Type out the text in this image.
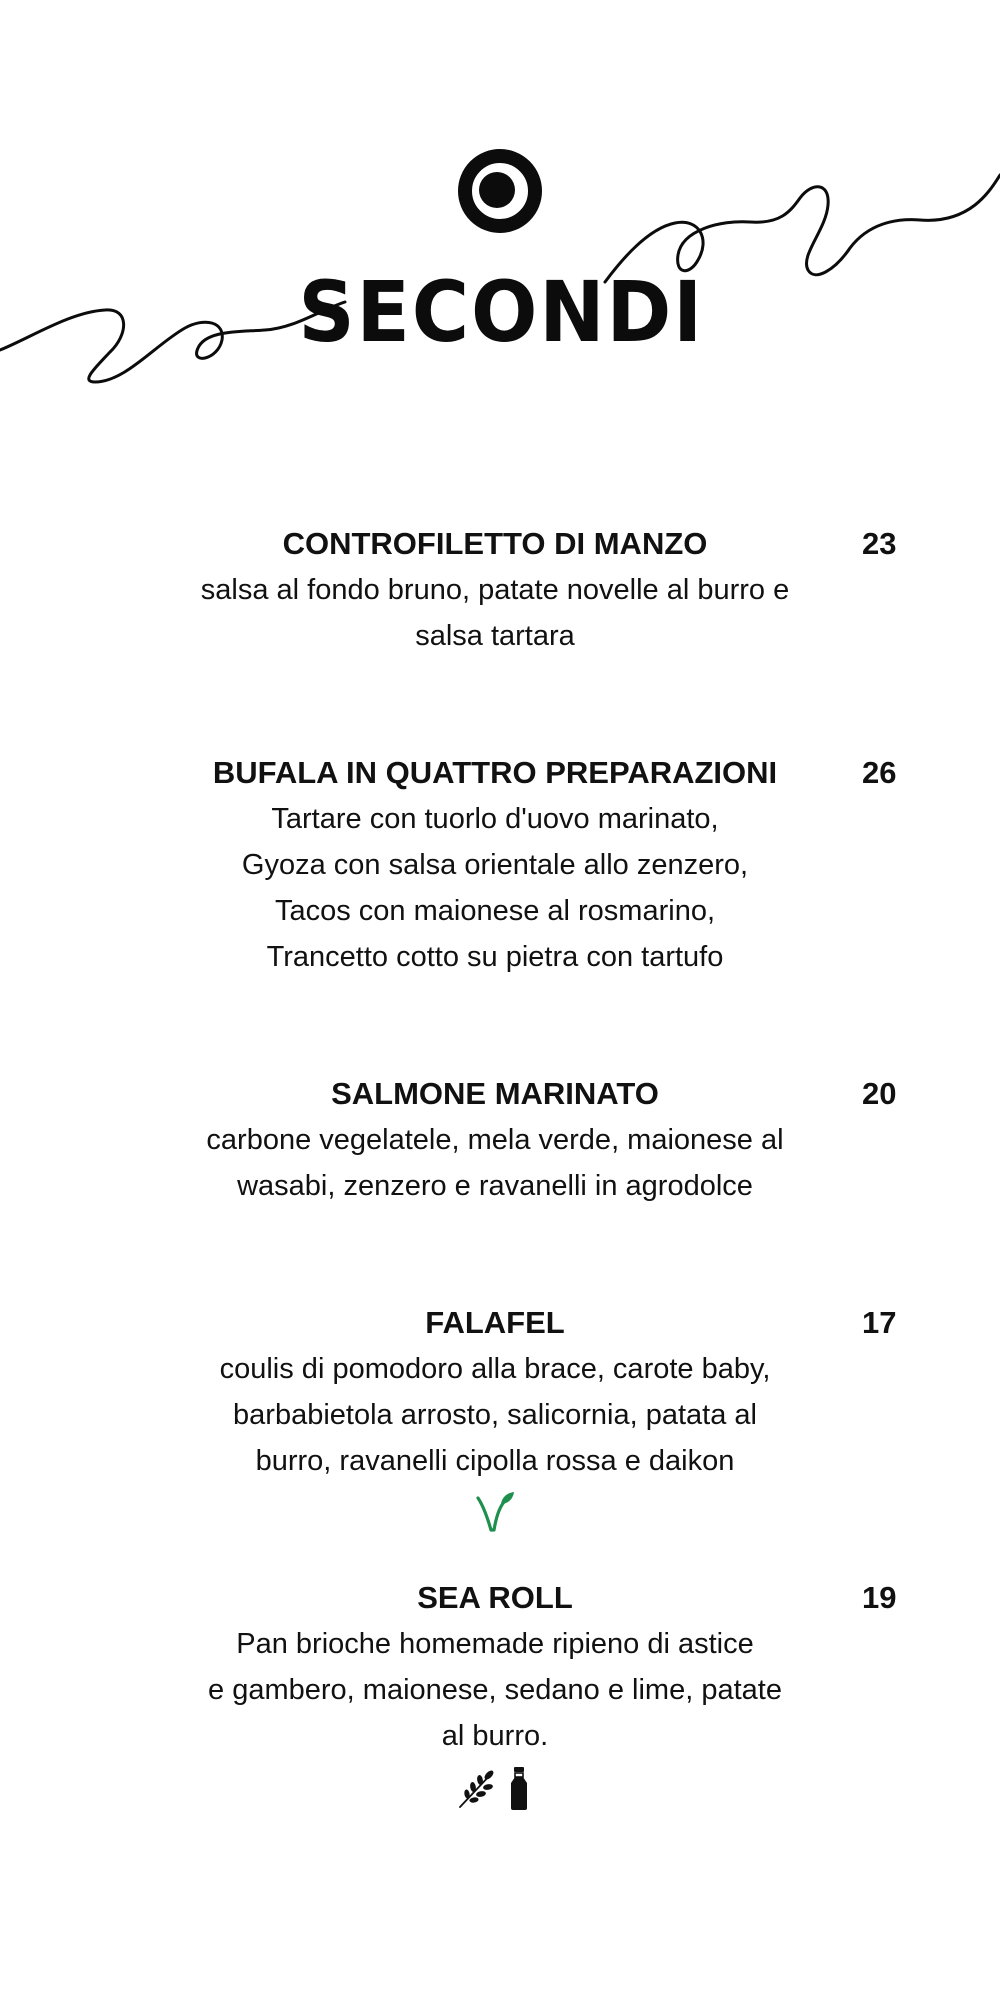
SECONDI
CONTROFILETTO DI MANZO	23
salsa al fondo bruno, patate novelle al burro e
salsa tartara
BUFALA IN QUATTRO PREPARAZIONI	26
Tartare con tuorlo d'uovo marinato,
Gyoza con salsa orientale allo zenzero,
Tacos con maionese al rosmarino,
Trancetto cotto su pietra con tartufo
SALMONE MARINATO	20
carbone vegelatele, mela verde, maionese al
wasabi, zenzero e ravanelli in agrodolce
FALAFEL	17
coulis di pomodoro alla brace, carote baby,
barbabietola arrosto, salicornia, patata al
burro, ravanelli cipolla rossa e daikon
SEA ROLL	19
Pan brioche homemade ripieno di astice
e gambero, maionese, sedano e lime, patate
al burro.
